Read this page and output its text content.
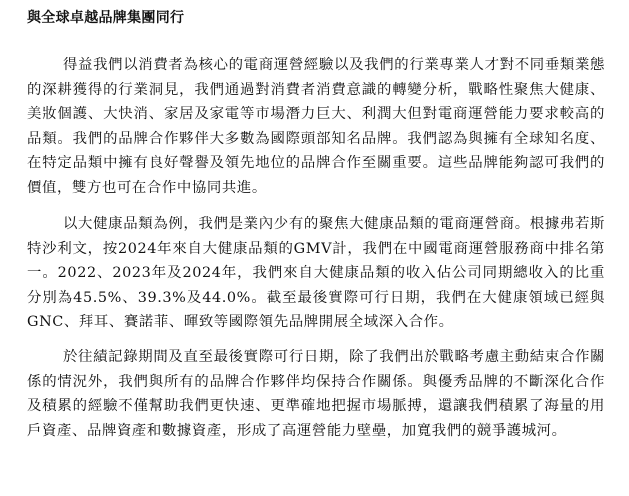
與全球卓越品牌集團同行
得益我們以消費者為核心的電商運營經驗以及我們的行業專業人才對不同垂類業態的深耕獲得的行業洞見，我們通過對消費者消費意識的轉變分析，戰略性聚焦大健康、美妝個護、大快消、家居及家電等市場潛力巨大、利潤大但對電商運營能力要求較高的品類。我們的品牌合作夥伴大多數為國際頭部知名品牌。我們認為與擁有全球知名度、在特定品類中擁有良好聲譽及領先地位的品牌合作至關重要。這些品牌能夠認可我們的價值，雙方也可在合作中協同共進。
以大健康品類為例，我們是業內少有的聚焦大健康品類的電商運營商。根據弗若斯特沙利文，按2024年來自大健康品類的GMV計，我們在中國電商運營服務商中排名第一。2022、2023年及2024年，我們來自大健康品類的收入佔公司同期總收入的比重分別為45.5%、39.3%及44.0%。截至最後實際可行日期，我們在大健康領域已經與GNC、拜耳、賽諾菲、暉致等國際領先品牌開展全域深入合作。
於往績記錄期間及直至最後實際可行日期，除了我們出於戰略考慮主動結束合作關係的情況外，我們與所有的品牌合作夥伴均保持合作關係。與優秀品牌的不斷深化合作及積累的經驗不僅幫助我們更快速、更準確地把握市場脈搏，還讓我們積累了海量的用戶資產、品牌資產和數據資產，形成了高運營能力壁壘，加寬我們的競爭護城河。
